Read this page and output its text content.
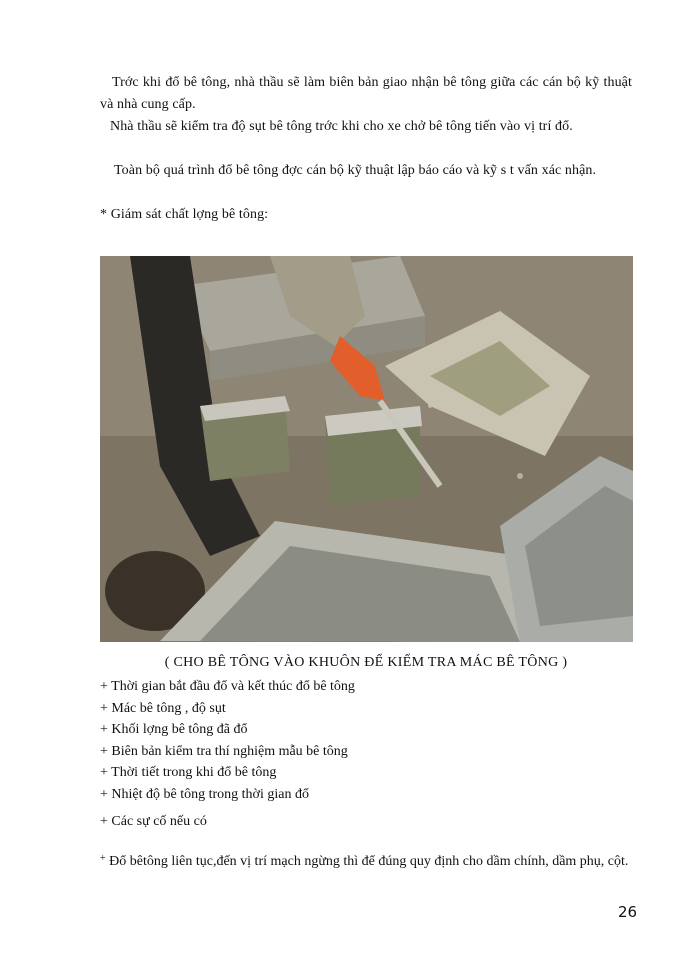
Trớc khi đổ bê tông, nhà thầu sẽ làm biên bản giao nhận bê tông giữa các cán bộ kỹ thuật và nhà cung cấp.

Nhà thầu sẽ kiểm tra độ sụt bê tông trớc khi cho xe chở bê tông tiến vào vị trí đổ.

Toàn bộ quá trình đổ bê tông đợc cán bộ kỹ thuật lập báo cáo và kỹ s t vấn xác nhận.

* Giám sát chất lợng bê tông:

( CHO BÊ TÔNG VÀO KHUÔN ĐỂ KIỂM TRA MÁC BÊ TÔNG )
+ Thời gian bắt đầu đổ và kết thúc đổ bê tông
+ Mác bê tông , độ sụt
+ Khối lợng bê tông đã đổ
+ Biên bản kiểm tra thí nghiệm mẫu bê tông
+ Thời tiết trong khi đổ bê tông
+ Nhiệt độ bê tông trong thời gian đổ
+ Các sự cố nếu có

+ Đổ bêtông liên tục,đến vị trí mạch ngừng thì để đúng quy định cho dầm chính, dầm phụ, cột.

26
